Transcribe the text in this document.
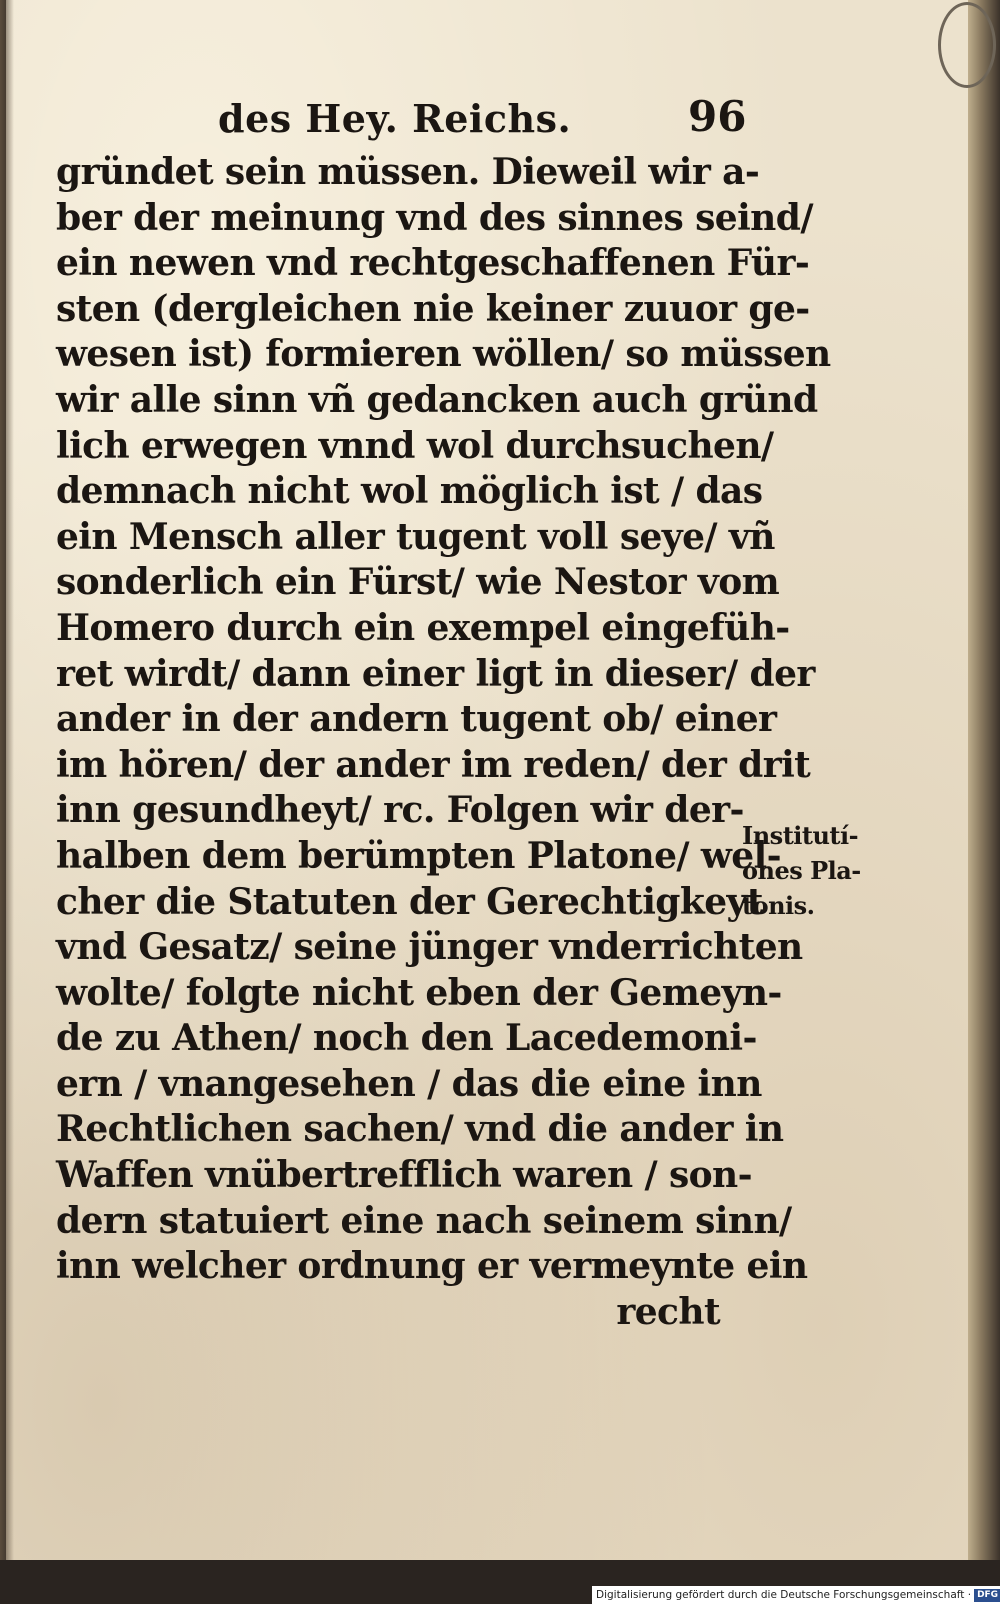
des Hey. Reichs.	96
gründet sein müssen. Dieweil wir a-
ber der meinung vnd des sinnes seind/
ein newen vnd rechtgeschaffenen Für-
sten (dergleichen nie keiner zuuor ge-
wesen ist) formieren wöllen/ so müssen
wir alle sinn vñ gedancken auch gründ
lich erwegen vnnd wol durchsuchen/
demnach nicht wol möglich ist / das
ein Mensch aller tugent voll seye/ vñ
sonderlich ein Fürst/ wie Nestor vom
Homero durch ein exempel eingefüh-
ret wirdt/ dann einer ligt in dieser/ der
ander in der andern tugent ob/ einer
im hören/ der ander im reden/ der drit
inn gesundheyt/ rc. Folgen wir der-
halben dem berümpten Platone/ wel-
cher die Statuten der Gerechtigkeyt
vnd Gesatz/ seine jünger vnderrichten
wolte/ folgte nicht eben der Gemeyn-
de zu Athen/ noch den Lacedemoni-
ern / vnangesehen / das die eine inn
Rechtlichen sachen/ vnd die ander in
Waffen vnübertrefflich waren / son-
dern statuiert eine nach seinem sinn/
inn welcher ordnung er vermeynte ein
recht
Institutí-
ones Pla-
tonis.
Digitalisierung gefördert durch die Deutsche Forschungsgemeinschaft · DFG
